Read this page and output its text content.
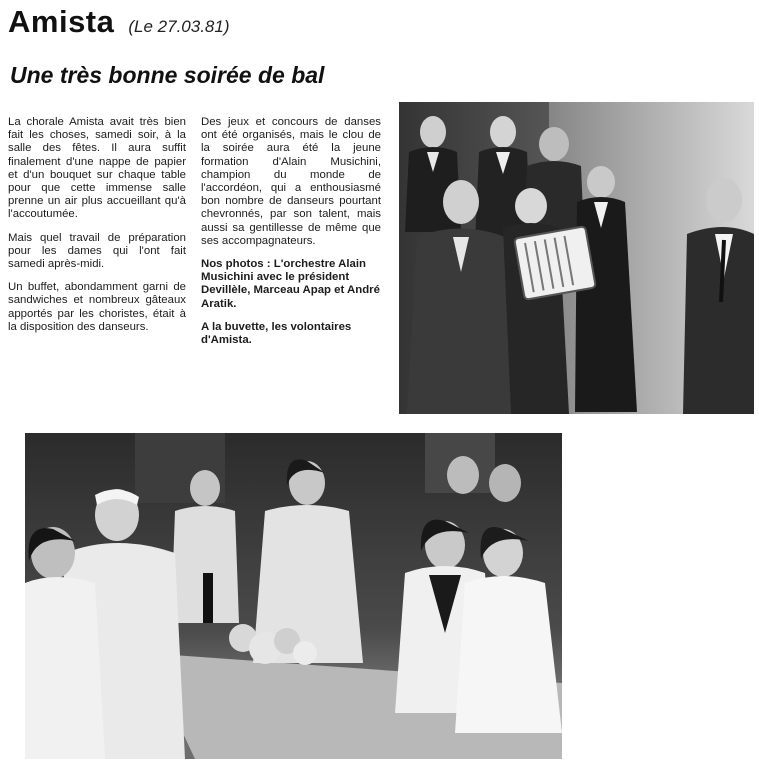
Amista (Le 27.03.81)
Une très bonne soirée de bal

La chorale Amista avait très bien fait les choses, samedi soir, à la salle des fêtes. Il aura suffit finalement d'une nappe de papier et d'un bouquet sur chaque table pour que cette immense salle prenne un air plus accueillant qu'à l'accoutumée.

Mais quel travail de préparation pour les dames qui l'ont fait samedi après-midi.

Un buffet, abondamment garni de sandwiches et nombreux gâteaux apportés par les choristes, était à la disposition des danseurs.

Des jeux et concours de danses ont été organisés, mais le clou de la soirée aura été la jeune formation d'Alain Musichini, champion du monde de l'accordéon, qui a enthousiasmé bon nombre de danseurs pourtant chevronnés, par son talent, mais aussi sa gentillesse de même que ses accompagnateurs.

Nos photos : L'orchestre Alain Musichini avec le président Devillèle, Marceau Apap et André Aratik.

A la buvette, les volontaires d'Amista.
